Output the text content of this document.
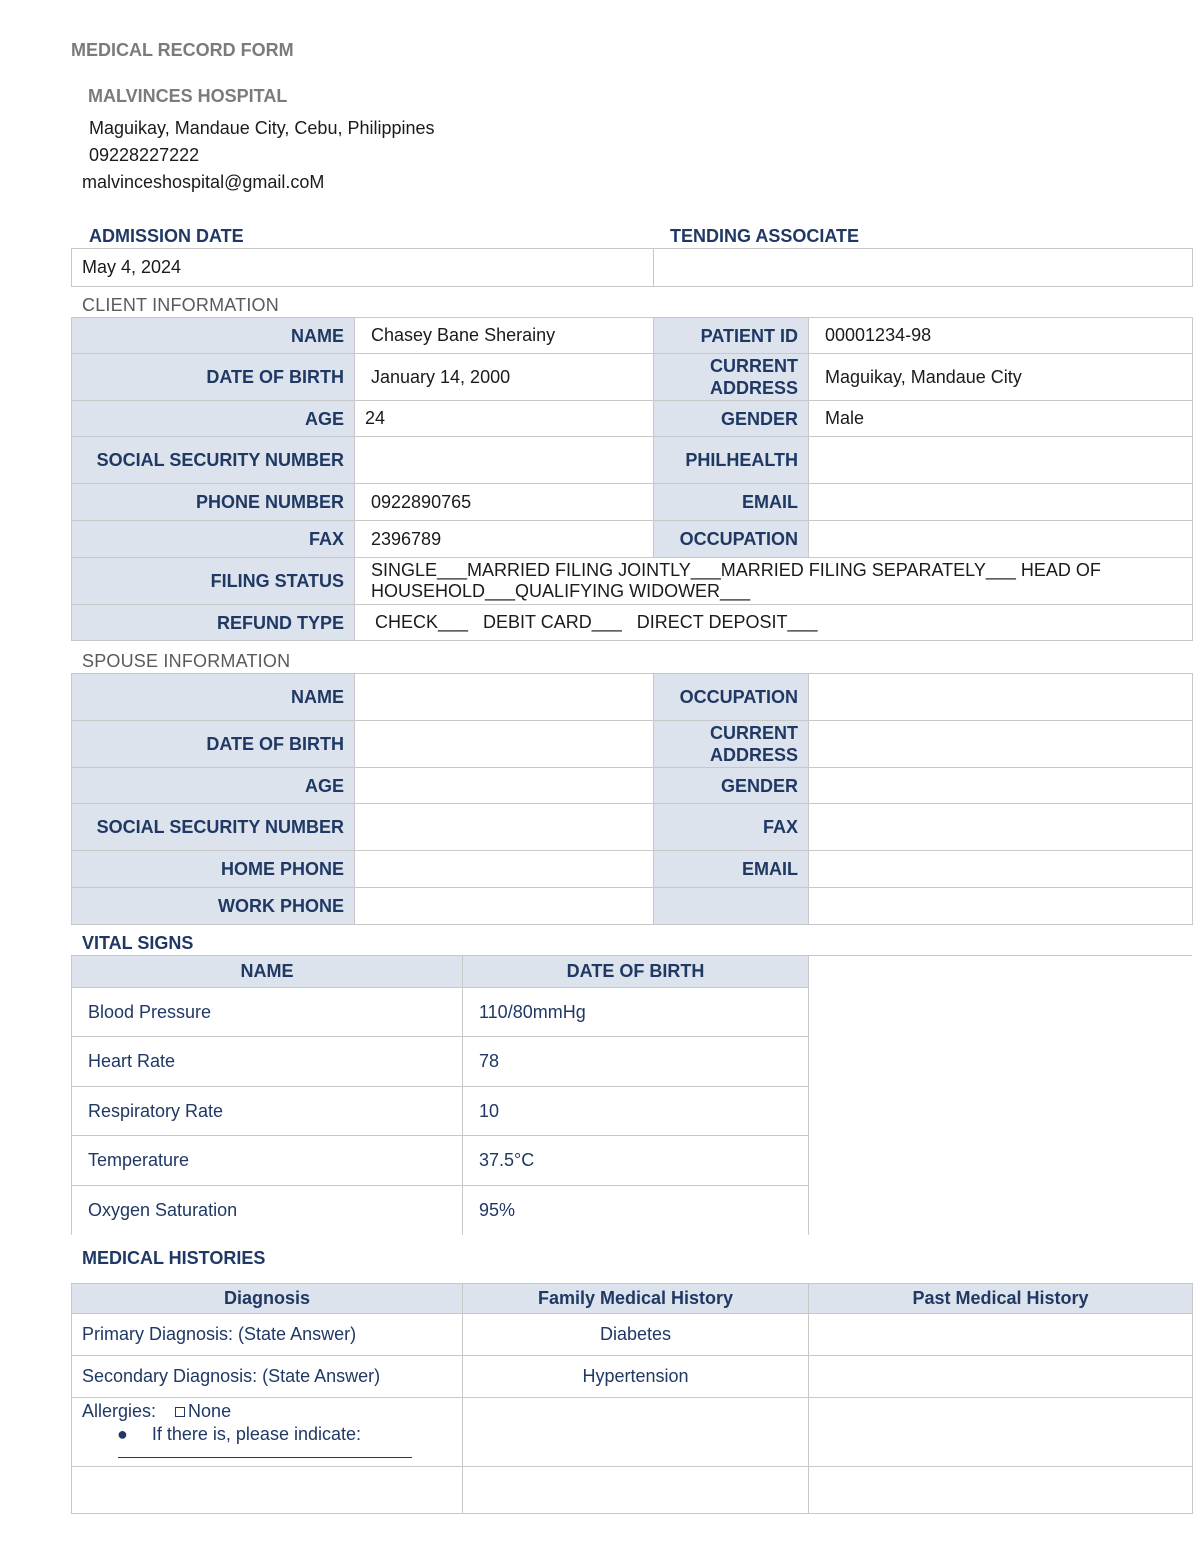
MEDICAL RECORD FORM
MALVINCES HOSPITAL
Maguikay, Mandaue City, Cebu, Philippines
09228227222
malvinceshospital@gmail.coM
ADMISSION DATE	TENDING ASSOCIATE
May 4, 2024	
CLIENT INFORMATION
NAME	Chasey Bane Sherainy	PATIENT ID	00001234-98
DATE OF BIRTH	January 14, 2000	CURRENT ADDRESS	Maguikay, Mandaue City
AGE	24	GENDER	Male
SOCIAL SECURITY NUMBER		PHILHEALTH	
PHONE NUMBER	0922890765	EMAIL	
FAX	2396789	OCCUPATION	
FILING STATUS	SINGLE___MARRIED FILING JOINTLY___MARRIED FILING SEPARATELY___ HEAD OF HOUSEHOLD___QUALIFYING WIDOWER___		
REFUND TYPE	CHECK___   DEBIT CARD___   DIRECT DEPOSIT___		
SPOUSE INFORMATION
NAME		OCCUPATION	
DATE OF BIRTH		CURRENT ADDRESS	
AGE		GENDER	
SOCIAL SECURITY NUMBER		FAX	
HOME PHONE		EMAIL	
WORK PHONE			
VITAL SIGNS
NAME	DATE OF BIRTH
Blood Pressure	110/80mmHg
Heart Rate	78
Respiratory Rate	10
Temperature	37.5°C
Oxygen Saturation	95%
MEDICAL HISTORIES
Diagnosis	Family Medical History	Past Medical History
Primary Diagnosis: (State Answer)	Diabetes	
Secondary Diagnosis: (State Answer)	Hypertension	
Allergies: None
● If there is, please indicate:		
